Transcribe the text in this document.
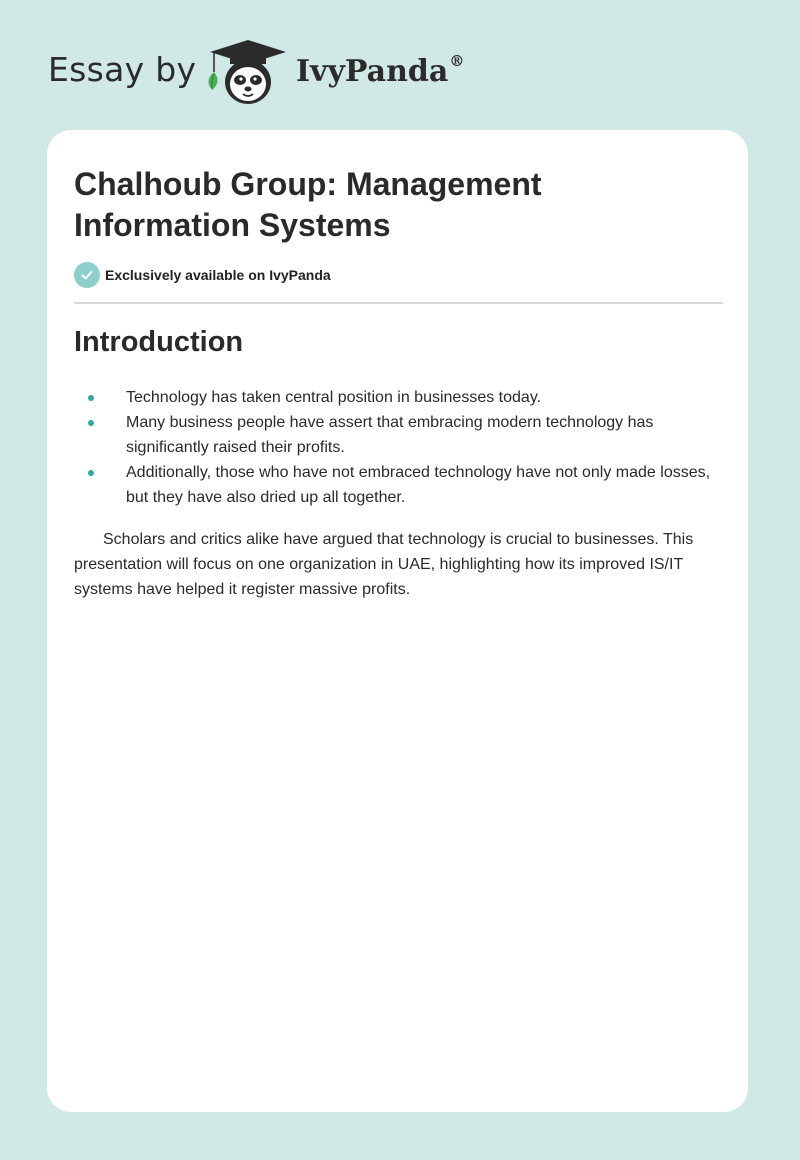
Essay by	IvyPanda®
Chalhoub Group: Management Information Systems
Exclusively available on IvyPanda
Introduction
Technology has taken central position in businesses today.
Many business people have assert that embracing modern technology has significantly raised their profits.
Additionally, those who have not embraced technology have not only made losses, but they have also dried up all together.

Scholars and critics alike have argued that technology is crucial to businesses. This presentation will focus on one organization in UAE, highlighting how its improved IS/IT systems have helped it register massive profits.
